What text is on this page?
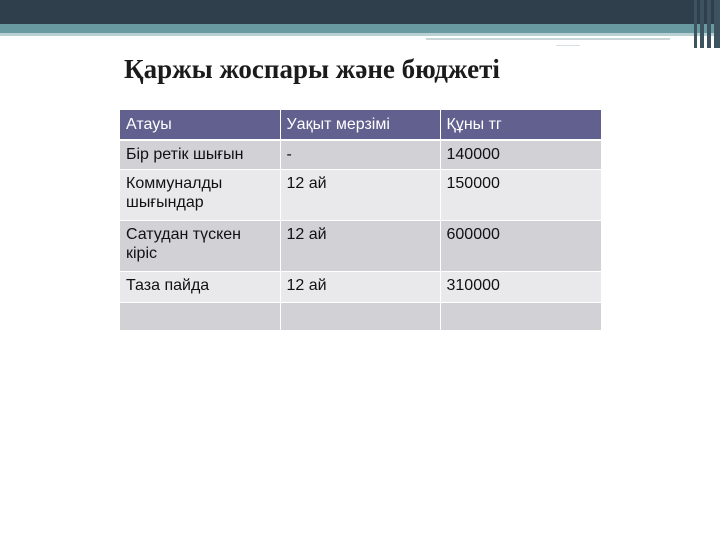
Қаржы жоспары және бюджеті
Атауы	Уақыт мерзімі	Құны тг
Бір ретік шығын	-	140000
Коммуналды шығындар	12 ай	150000
Сатудан түскен кіріс	12 ай	600000
Таза пайда	12 ай	310000
